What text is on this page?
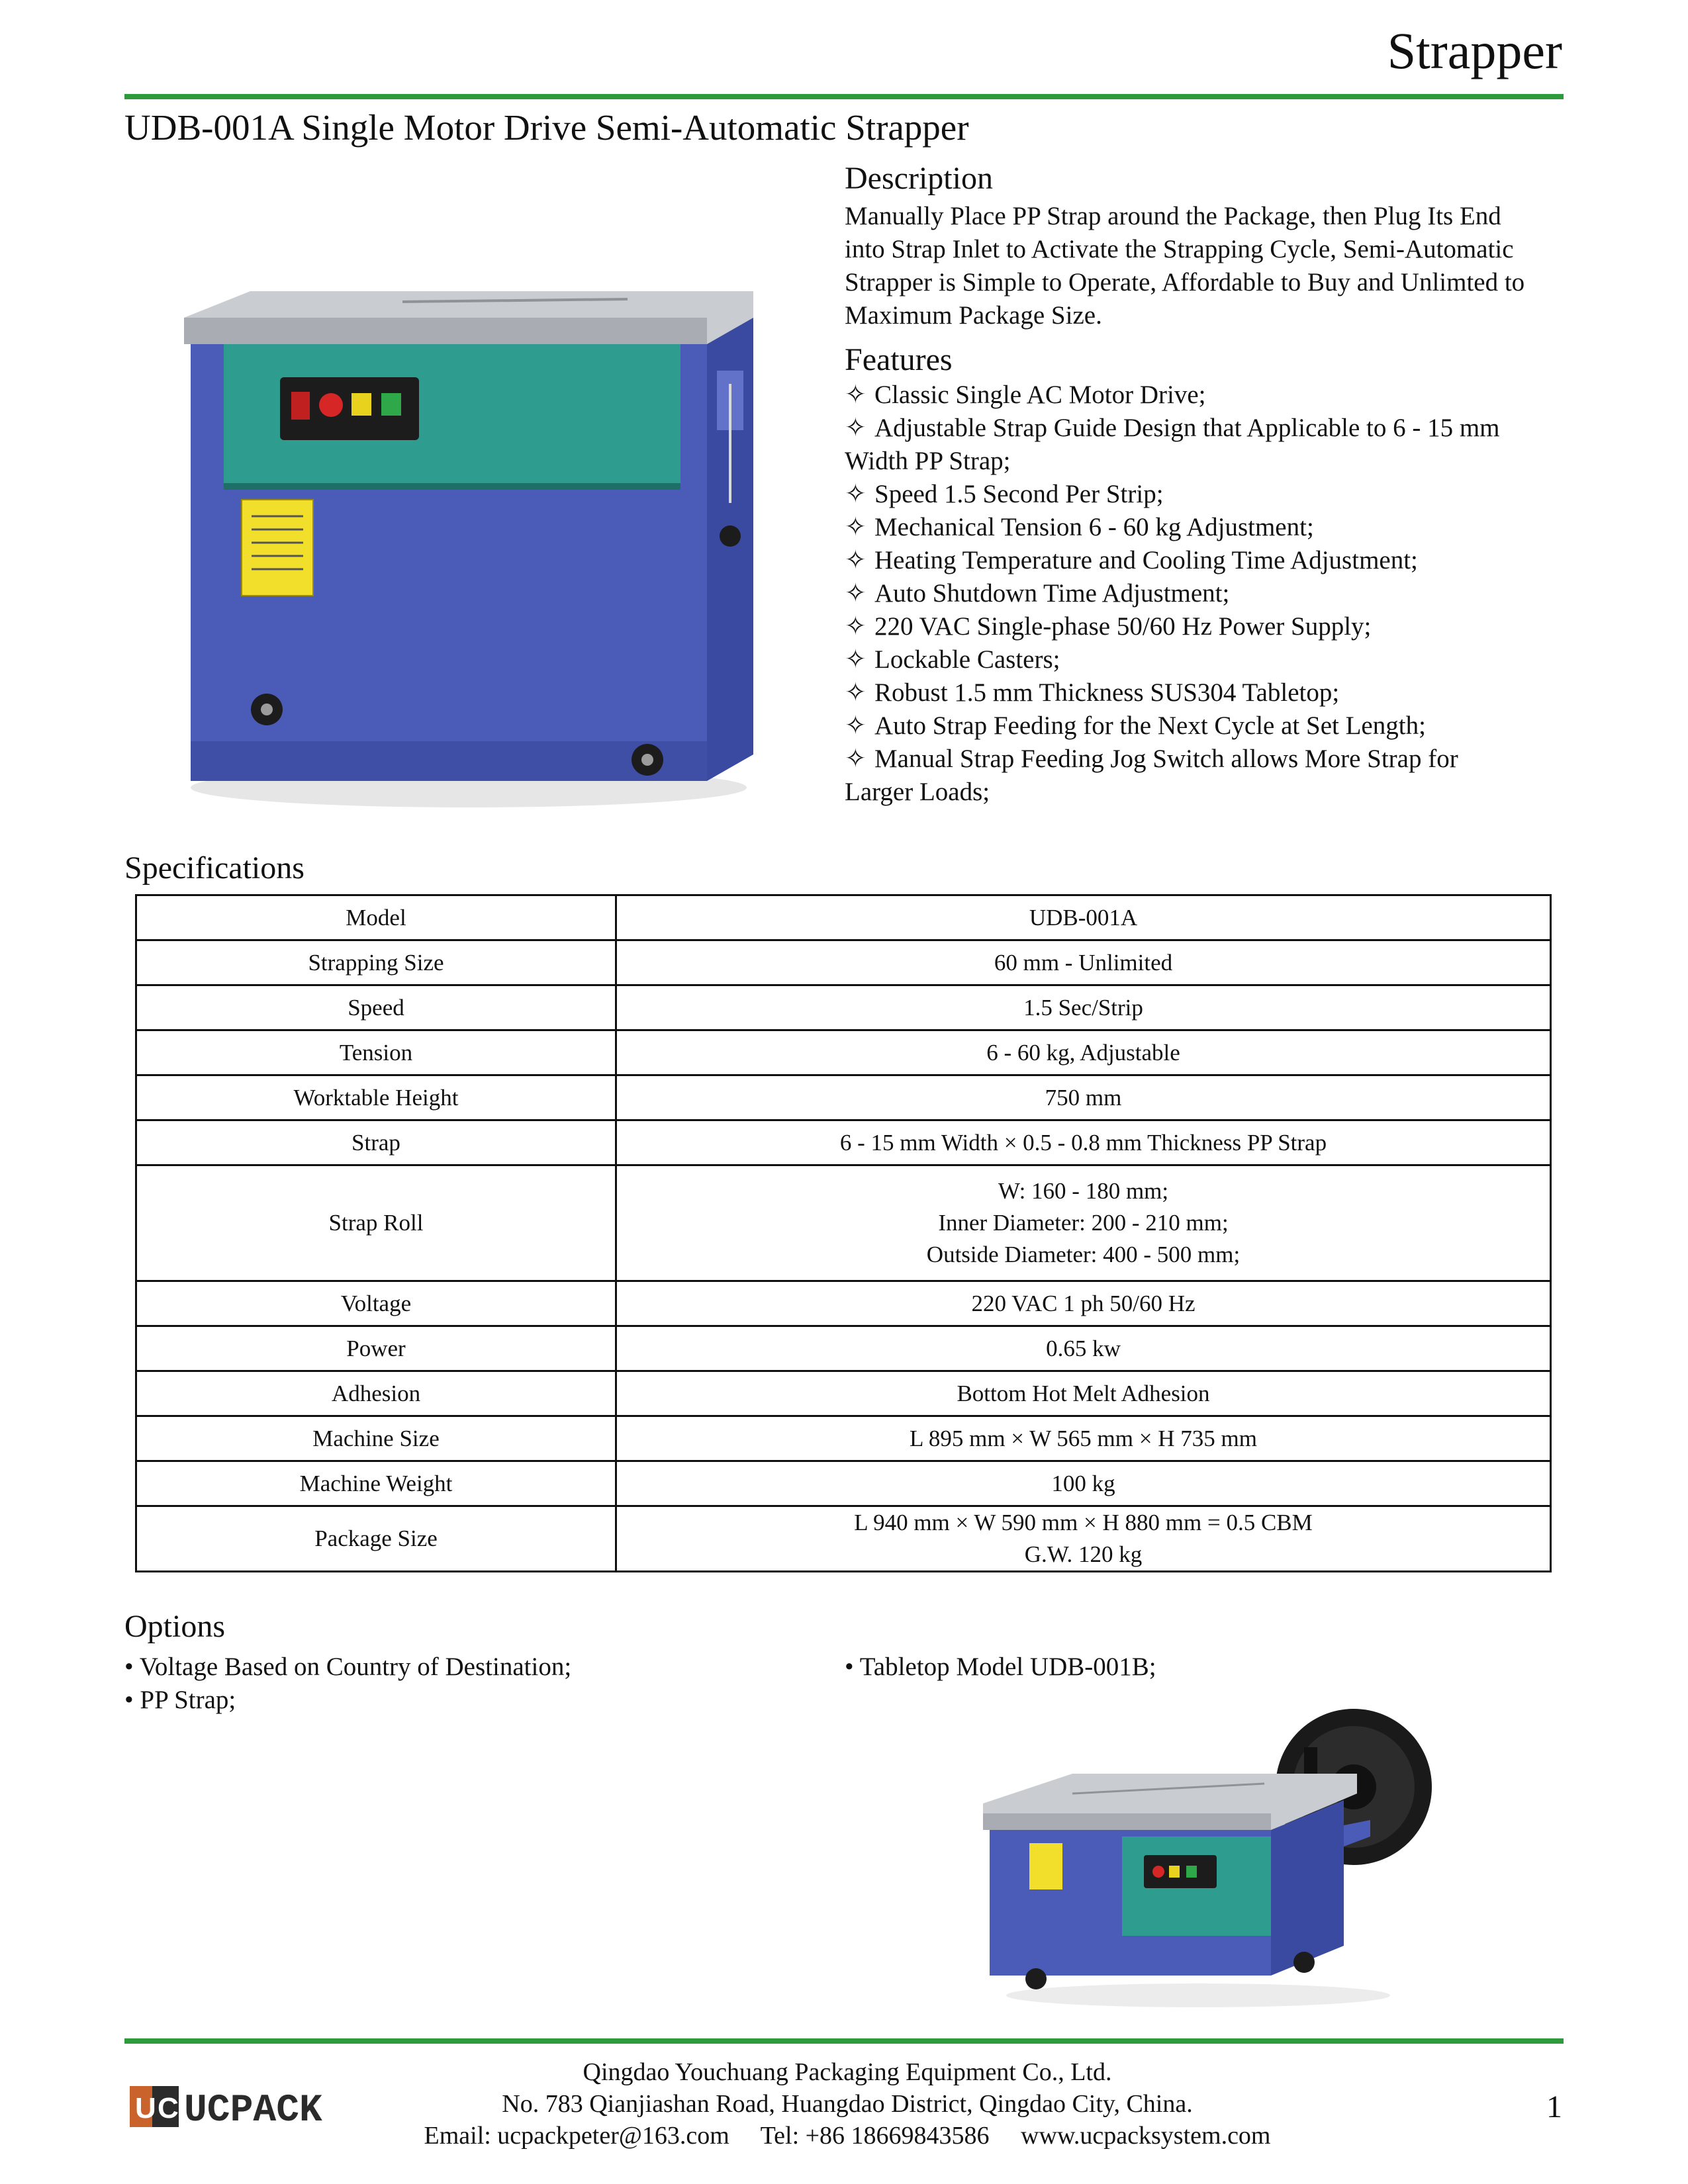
Strapper
UDB-001A Single Motor Drive Semi-Automatic Strapper
Description
Manually Place PP Strap around the Package, then Plug Its End
into Strap Inlet to Activate the Strapping Cycle, Semi-Automatic
Strapper is Simple to Operate, Affordable to Buy and Unlimted to
Maximum Package Size.
Features
✧ Classic Single AC Motor Drive;
✧ Adjustable Strap Guide Design that Applicable to 6 - 15 mm
Width PP Strap;
✧ Speed 1.5 Second Per Strip;
✧ Mechanical Tension 6 - 60 kg Adjustment;
✧ Heating Temperature and Cooling Time Adjustment;
✧ Auto Shutdown Time Adjustment;
✧ 220 VAC Single-phase 50/60 Hz Power Supply;
✧ Lockable Casters;
✧ Robust 1.5 mm Thickness SUS304 Tabletop;
✧ Auto Strap Feeding for the Next Cycle at Set Length;
✧ Manual Strap Feeding Jog Switch allows More Strap for
Larger Loads;
Specifications
Model	UDB-001A
Strapping Size	60 mm - Unlimited
Speed	1.5 Sec/Strip
Tension	6 - 60 kg, Adjustable
Worktable Height	750 mm
Strap	6 - 15 mm Width × 0.5 - 0.8 mm Thickness PP Strap
Strap Roll	W: 160 - 180 mm;
Inner Diameter: 200 - 210 mm;
Outside Diameter: 400 - 500 mm;

Voltage	220 VAC 1 ph 50/60 Hz
Power	0.65 kw
Adhesion	Bottom Hot Melt Adhesion
Machine Size	L 895 mm × W 565 mm × H 735 mm
Machine Weight	100 kg
Package Size	L 940 mm × W 590 mm × H 880 mm = 0.5 CBM
G.W. 120 kg
Options
• Voltage Based on Country of Destination;
• PP Strap;
• Tabletop Model UDB-001B;
Qingdao Youchuang Packaging Equipment Co., Ltd.
No. 783 Qianjiashan Road, Huangdao District, Qingdao City, China.
Email: ucpackpeter@163.com     Tel: +86 18669843586     www.ucpacksystem.com
1
U C UCPACK
